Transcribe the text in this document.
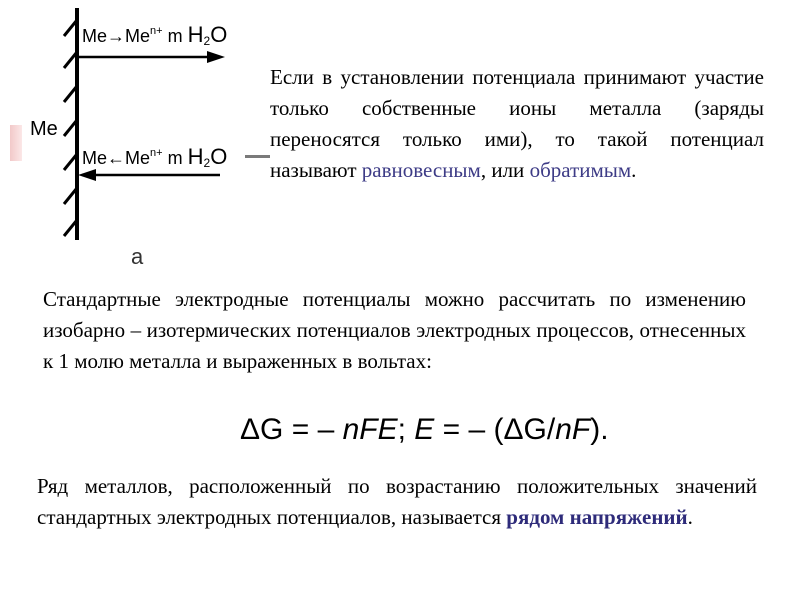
$Me\to Me^{n+}$ m $H_2O$
$Me\leftarrow Me^{n+}$ m $H_2O$
Me
а
Если в установлении потенциала принимают участие только собственные ионы металла (заряды переносятся только ими), то такой потенциал называют равновесным, или обратимым.
Стандартные электродные потенциалы можно рассчитать по изменению изобарно – изотермических потенциалов электродных процессов, отнесенных к 1 молю металла и выраженных в вольтах:
ΔG = – nFE; E = – (ΔG/nF).
Ряд металлов, расположенный по возрастанию положительных значений стандартных электродных потенциалов, называется рядом напряжений.
